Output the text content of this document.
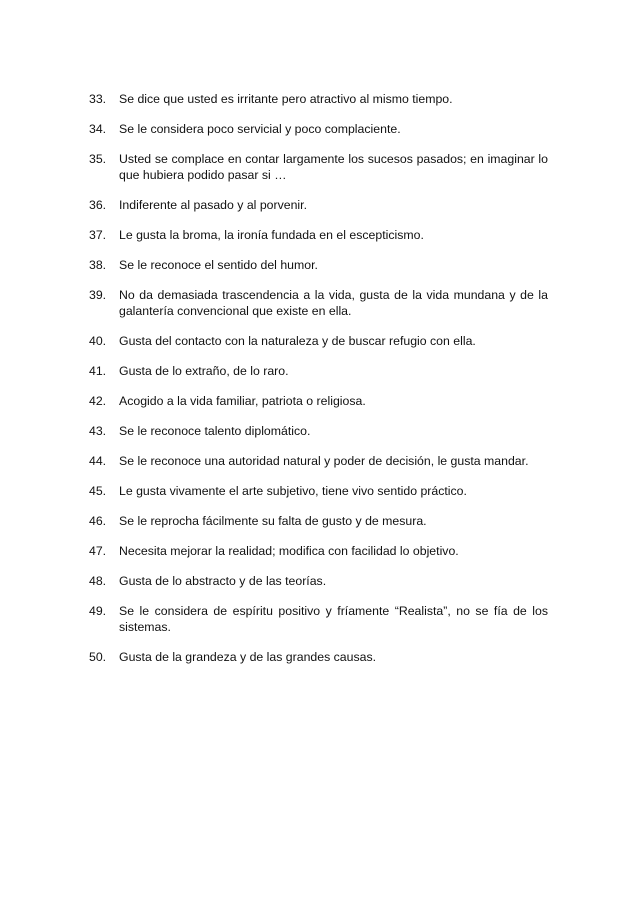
33.	Se dice que usted es irritante pero atractivo al mismo tiempo.
34.	Se le considera poco servicial y poco complaciente.
35.	Usted se complace en contar largamente los sucesos pasados; en imaginar lo que hubiera podido pasar si …
36.	Indiferente al pasado y al porvenir.
37.	Le gusta la broma, la ironía fundada en el escepticismo.
38.	Se le reconoce el sentido del humor.
39.	No da demasiada trascendencia a la vida, gusta de la vida mundana y de la galantería convencional que existe en ella.
40.	Gusta del contacto con la naturaleza y de buscar refugio con ella.
41.	Gusta de lo extraño, de lo raro.
42.	Acogido a la vida familiar, patriota o religiosa.
43.	Se le reconoce talento diplomático.
44.	Se le reconoce una autoridad natural y poder de decisión, le gusta mandar.
45.	Le gusta vivamente el arte subjetivo, tiene vivo sentido práctico.
46.	Se le reprocha fácilmente su falta de gusto y de mesura.
47.	Necesita mejorar la realidad; modifica con facilidad lo objetivo.
48.	Gusta de lo abstracto y de las teorías.
49.	Se le considera de espíritu positivo y fríamente “Realista”, no se fía de los sistemas.
50.	Gusta de la grandeza y de las grandes causas.
